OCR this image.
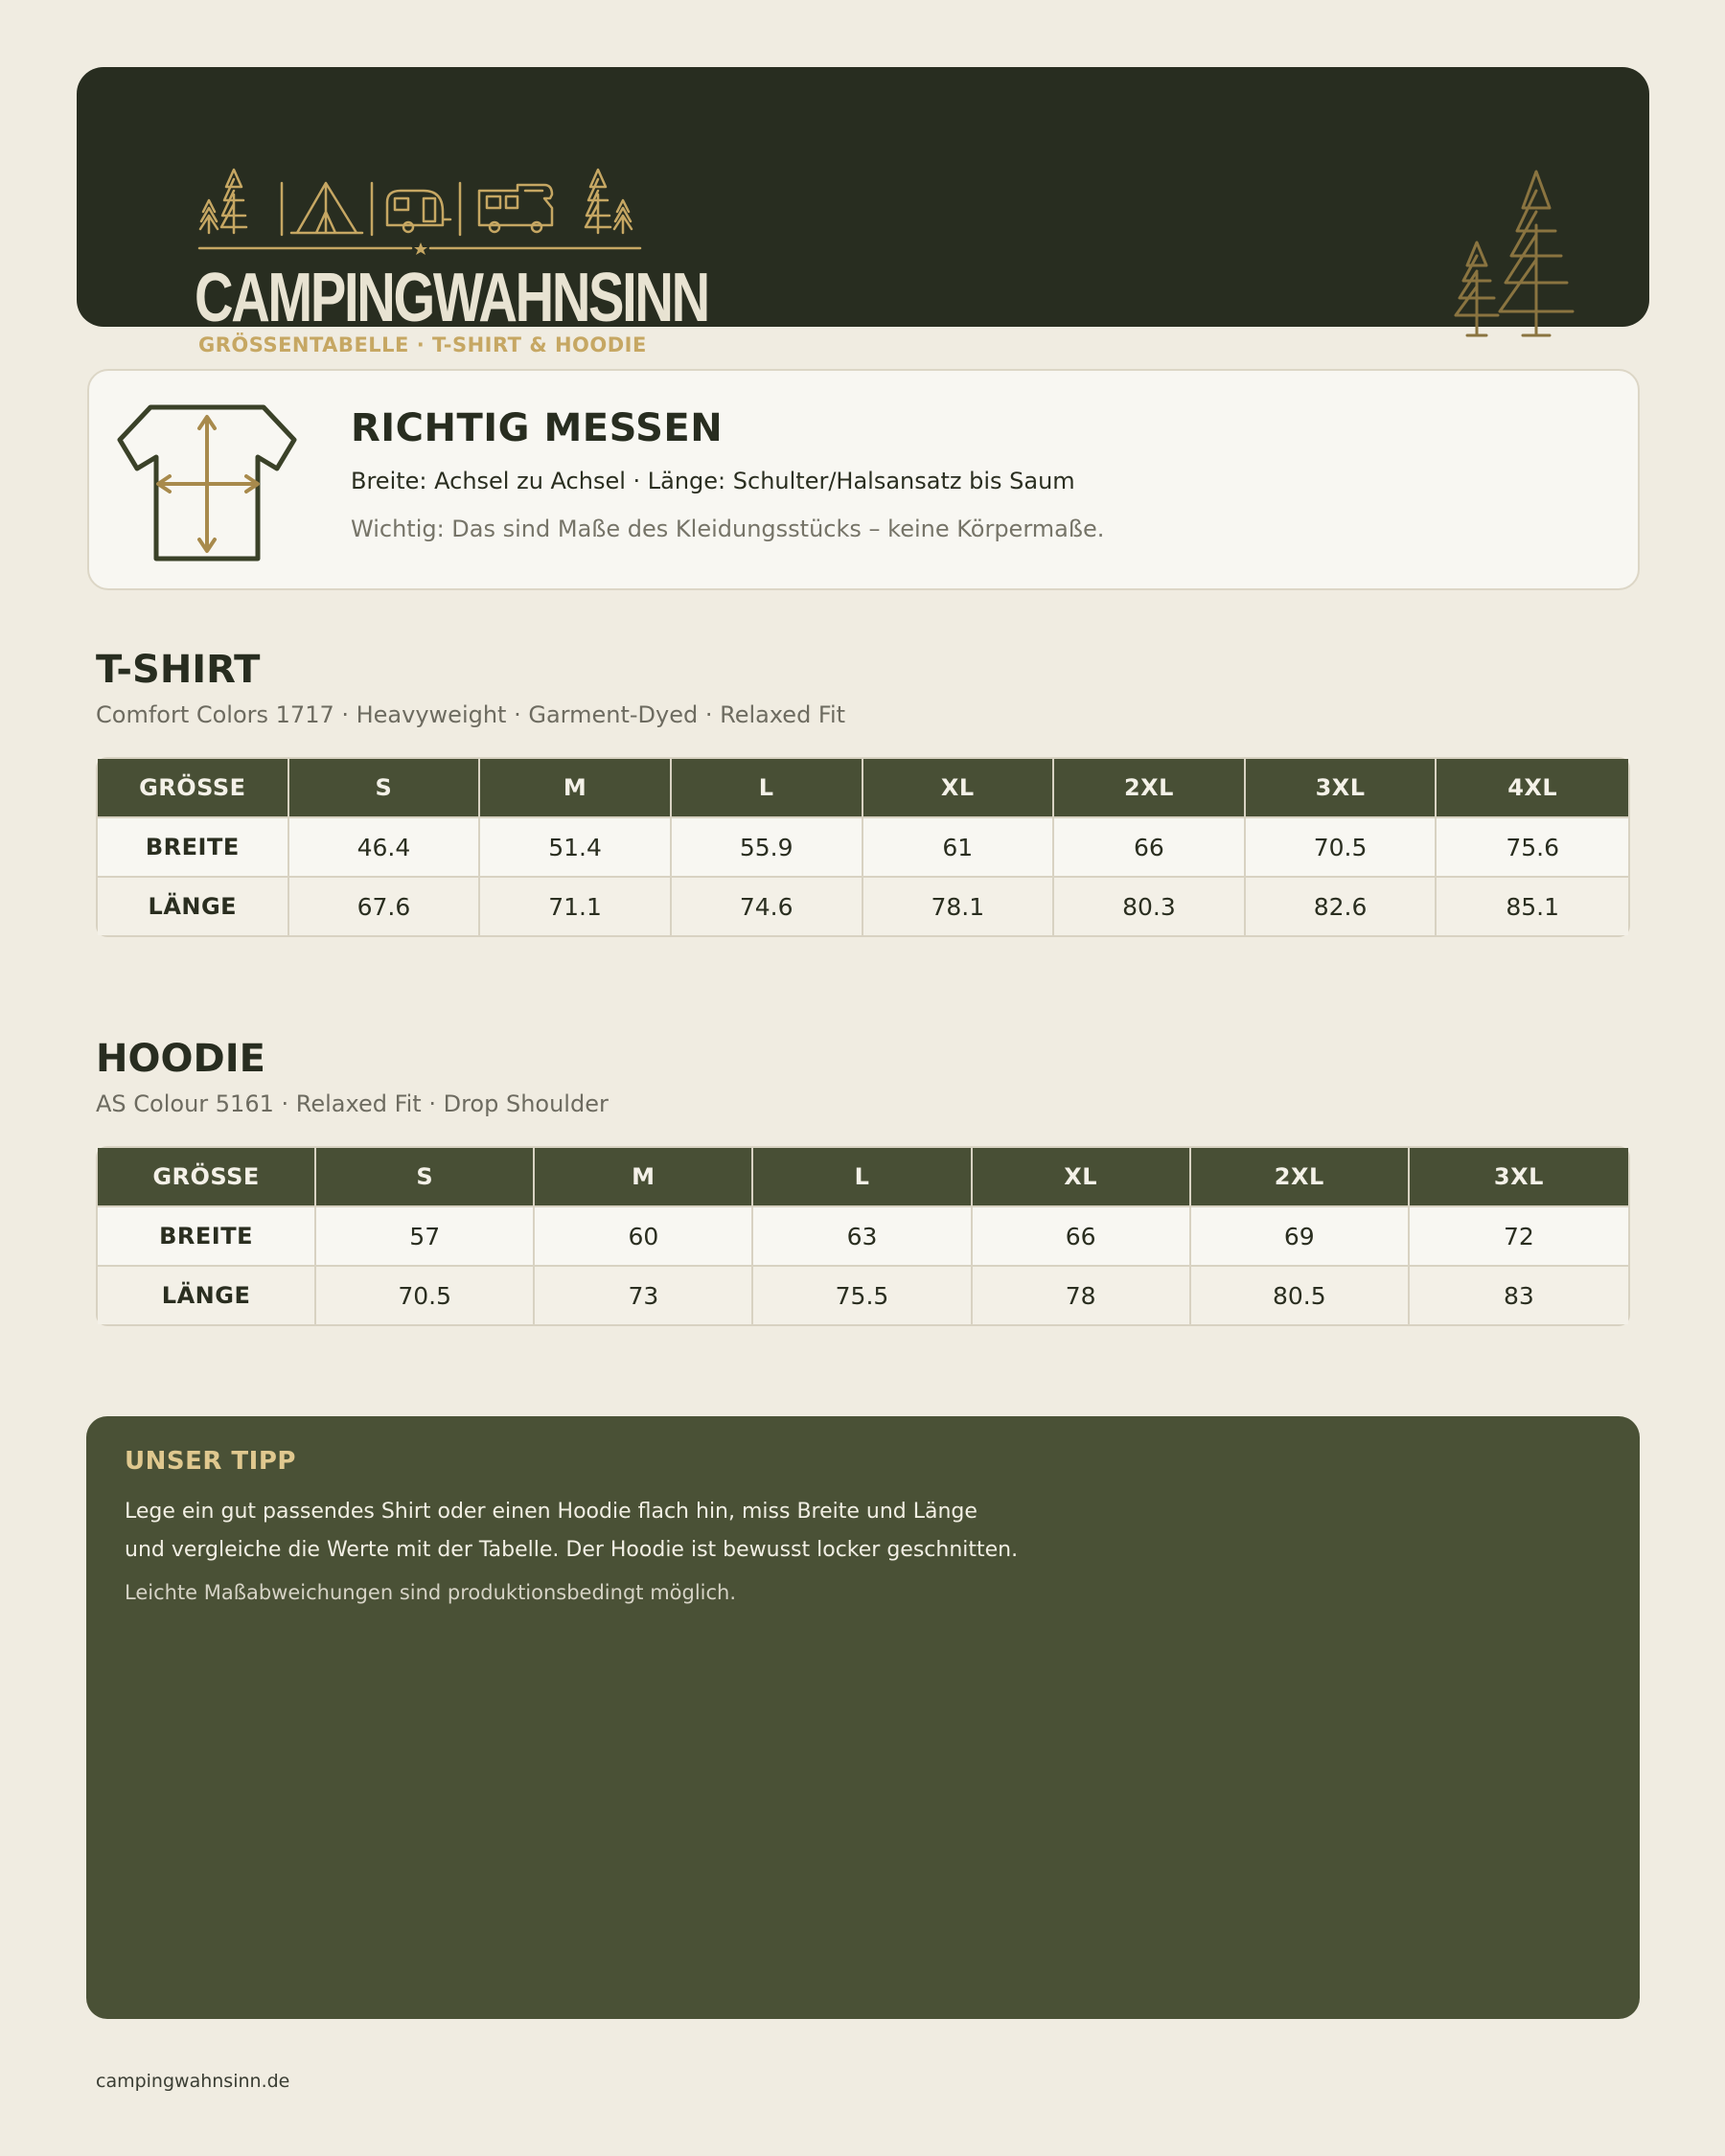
CAMPINGWAHNSINN
GRÖSSENTABELLE · T-SHIRT & HOODIE
RICHTIG MESSEN
Breite: Achsel zu Achsel · Länge: Schulter/Halsansatz bis Saum
Wichtig: Das sind Maße des Kleidungsstücks – keine Körpermaße.
T-SHIRT
Comfort Colors 1717 · Heavyweight · Garment-Dyed · Relaxed Fit
GRÖSSE	S	M	L	XL	2XL	3XL	4XL
BREITE	46.4	51.4	55.9	61	66	70.5	75.6
LÄNGE	67.6	71.1	74.6	78.1	80.3	82.6	85.1
HOODIE
AS Colour 5161 · Relaxed Fit · Drop Shoulder
GRÖSSE	S	M	L	XL	2XL	3XL
BREITE	57	60	63	66	69	72
LÄNGE	70.5	73	75.5	78	80.5	83
UNSER TIPP
Lege ein gut passendes Shirt oder einen Hoodie flach hin, miss Breite und Länge
und vergleiche die Werte mit der Tabelle. Der Hoodie ist bewusst locker geschnitten.
Leichte Maßabweichungen sind produktionsbedingt möglich.
campingwahnsinn.de
